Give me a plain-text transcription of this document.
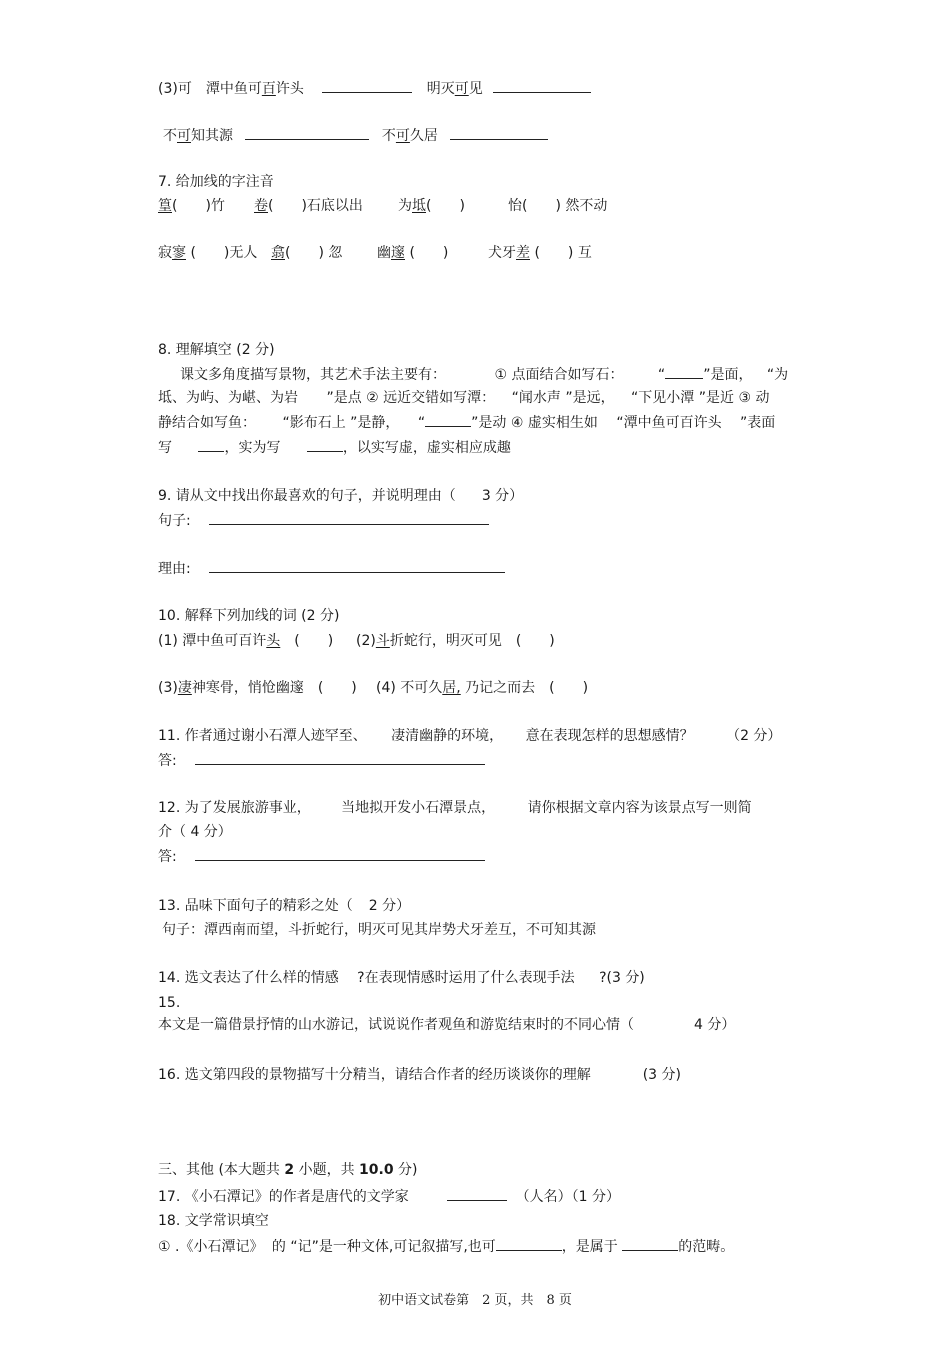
(3)可　潭中鱼可百许头	明灭可见
不可知其源	不可久居
7. 给加线的字注音
篁(　　)竹 卷(　　)石底以出	为坻(　　)	怡(　　) 然不动
寂寥 (　　)无人 翕(　　) 忽 幽邃 (　　)	犬牙差 (　　) 互
8. 理解填空 (2 分)
课文多角度描写景物，其艺术手法主要有：	① 点面结合如写石： “	”是面， “为
坻、为屿、为嵁、为岩 ”是点 ② 远近交错如写潭： “闻水声 ”是远， “下见小潭 ”是近 ③ 动
静结合如写鱼： “影布石上 ”是静， “	”是动 ④ 虚实相生如 “潭中鱼可百许头 ”表面
写	，实为写	，以实写虚，虚实相应成趣
9. 请从文中找出你最喜欢的句子，并说明理由（ 3 分）
句子:
理由:
10. 解释下列加线的词 (2 分)
(1) 潭中鱼可百许头　(　　) (2)斗折蛇行，明灭可见　(　　)
(3)凄神寒骨，悄怆幽邃　(　　) (4) 不可久居, 乃记之而去　(　　)
11. 作者通过谢小石潭人迹罕至、 凄清幽静的环境， 意在表现怎样的思想感情？ （2 分）
答:
12. 为了发展旅游事业， 当地拟开发小石潭景点， 请你根据文章内容为该景点写一则简
介（ 4 分）
答:
13. 品味下面句子的精彩之处（ 2 分）
句子：潭西南而望，斗折蛇行，明灭可见其岸势犬牙差互，不可知其源
14. 选文表达了什么样的情感 ?在表现情感时运用了什么表现手法 ?(3 分)
15.
本文是一篇借景抒情的山水游记，试说说作者观鱼和游览结束时的不同心情（	4 分）
16. 选文第四段的景物描写十分精当，请结合作者的经历谈谈你的理解	(3 分)
三、其他 (本大题共 2 小题，共 10.0 分)
17. 《小石潭记》的作者是唐代的文学家	（人名）（1 分）
18. 文学常识填空
① .《小石潭记》 的 “记”是一种文体,可记叙描写,也可	，是属于	的范畴。
初中语文试卷第　2 页，共　8 页
